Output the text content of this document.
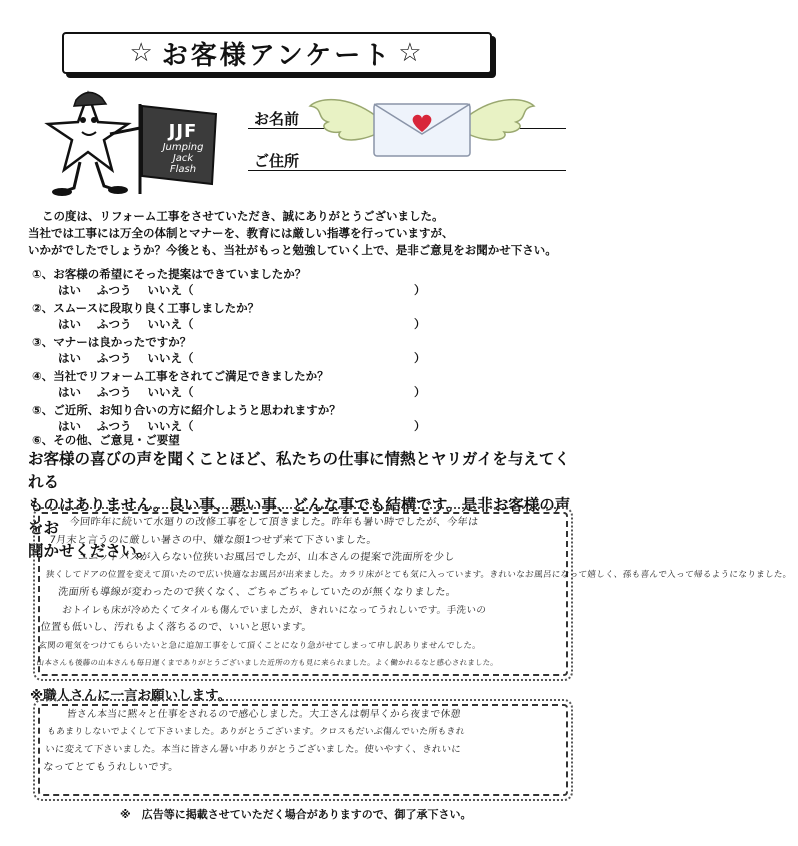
☆ お客様アンケート ☆
JJF
Jumping
Jack
Flash
お名前
ご住所

この度は、リフォーム工事をさせていただき、誠にありがとうございました。

当社では工事には万全の体制とマナーを、教育には厳しい指導を行っていますが、

いかがでしたでしょうか？今後とも、当社がもっと勉強していく上で、是非ご意見をお聞かせ下さい。

①、お客様の希望にそった提案はできていましたか？
はい ふつう いいえ（	）
②、スムースに段取り良く工事しましたか？
はい ふつう いいえ（	）
③、マナーは良かったですか？
はい ふつう いいえ（	）
④、当社でリフォーム工事をされてご満足できましたか？
はい ふつう いいえ（	）
⑤、ご近所、お知り合いの方に紹介しようと思われますか？
はい ふつう いいえ（	）
⑥、その他、ご意見・ご要望

お客様の喜びの声を聞くことほど、私たちの仕事に情熱とヤリガイを与えてくれる

ものはありません。良い事、悪い事、どんな事でも結構です。是非お客様の声をお

聞かせください。

今回昨年に続いて水廻りの改修工事をして頂きました。昨年も暑い時でしたが、今年は

7月末と言うのに厳しい暑さの中、嫌な顔1つせず来て下さいました。

ユニットバスが入らない位狭いお風呂でしたが、山本さんの提案で洗面所を少し

狭くしてドアの位置を変えて頂いたので広い快適なお風呂が出来ました。カラリ床がとても気に入っています。きれいなお風呂になって嬉しく、孫も喜んで入って帰るようになりました。

洗面所も導線が変わったので狭くなく、ごちゃごちゃしていたのが無くなりました。

おトイレも床が冷めたくてタイルも傷んでいましたが、きれいになってうれしいです。手洗いの

位置も低いし、汚れもよく落ちるので、いいと思います。

玄関の電気をつけてもらいたいと急に追加工事をして頂くことになり急がせてしまって申し訳ありませんでした。

山本さんも後藤の山本さんも毎日遅くまでありがとうございました近所の方も見に来られました。よく働かれるなと感心されました。

※職人さんに一言お願いします。

皆さん本当に黙々と仕事をされるので感心しました。大工さんは朝早くから夜まで休憩

もあまりしないでよくして下さいました。ありがとうございます。クロスもだいぶ傷んでいた所もきれ

いに変えて下さいました。本当に皆さん暑い中ありがとうございました。使いやすく、きれいに

なってとてもうれしいです。

※　広告等に掲載させていただく場合がありますので、御了承下さい。
